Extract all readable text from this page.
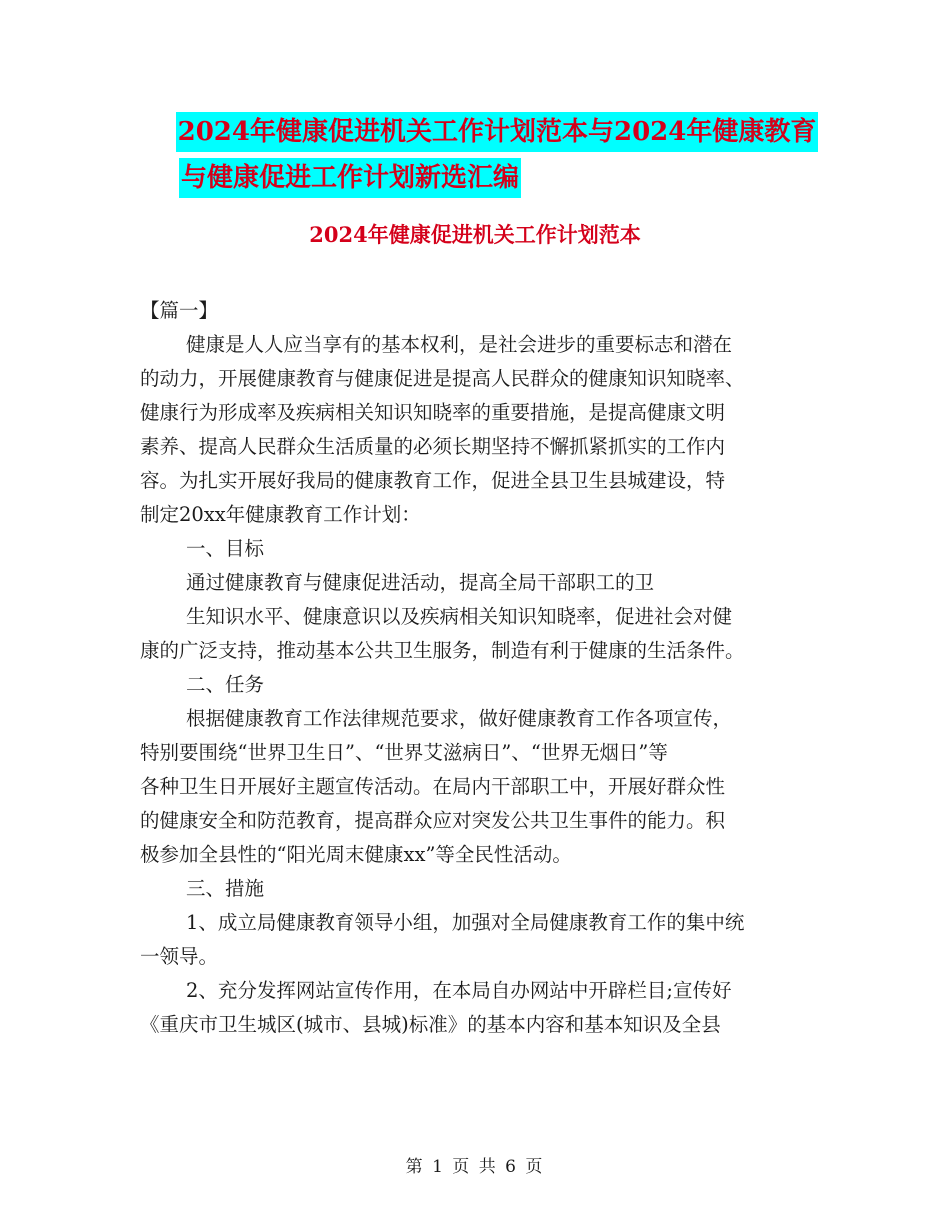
2024年健康促进机关工作计划范本与2024年健康教育
与健康促进工作计划新选汇编
2024年健康促进机关工作计划范本

【篇一】

健康是人人应当享有的基本权利，是社会进步的重要标志和潜在

的动力，开展健康教育与健康促进是提高人民群众的健康知识知晓率、

健康行为形成率及疾病相关知识知晓率的重要措施，是提高健康文明

素养、提高人民群众生活质量的必须长期坚持不懈抓紧抓实的工作内

容。为扎实开展好我局的健康教育工作，促进全县卫生县城建设，特

制定20xx年健康教育工作计划：

一、目标

通过健康教育与健康促进活动，提高全局干部职工的卫

生知识水平、健康意识以及疾病相关知识知晓率，促进社会对健

康的广泛支持，推动基本公共卫生服务，制造有利于健康的生活条件。

二、任务

根据健康教育工作法律规范要求，做好健康教育工作各项宣传，

特别要围绕“世界卫生日”、“世界艾滋病日”、“世界无烟日”等

各种卫生日开展好主题宣传活动。在局内干部职工中，开展好群众性

的健康安全和防范教育，提高群众应对突发公共卫生事件的能力。积

极参加全县性的“阳光周末健康xx”等全民性活动。

三、措施

1、成立局健康教育领导小组，加强对全局健康教育工作的集中统

一领导。

2、充分发挥网站宣传作用，在本局自办网站中开辟栏目;宣传好

《重庆市卫生城区(城市、县城)标准》的基本内容和基本知识及全县

第 1 页 共 6 页
